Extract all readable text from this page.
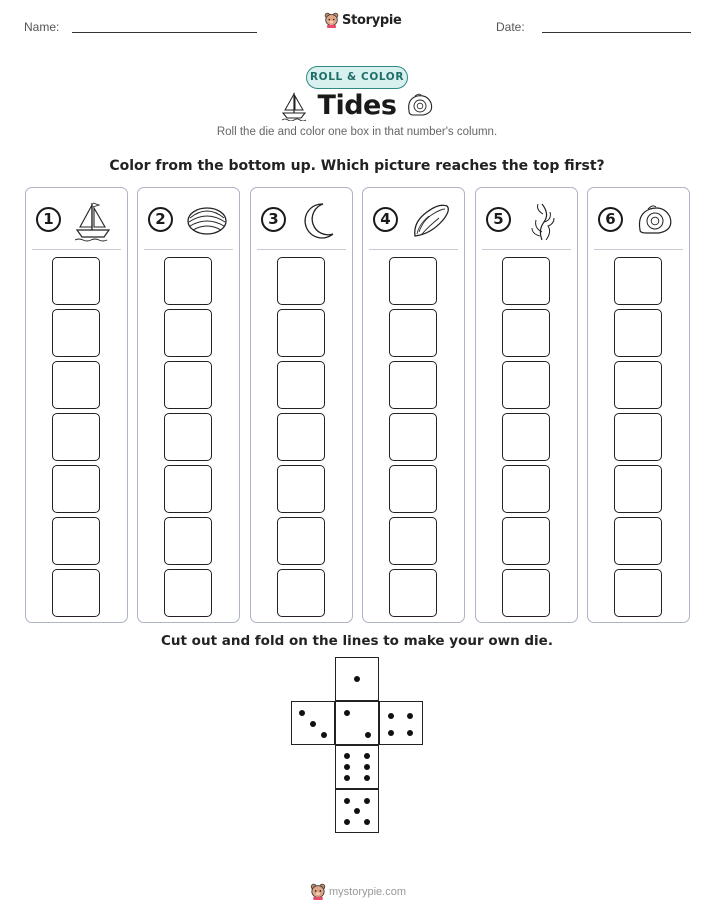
Name:	Storypie	Date:
ROLL & COLOR
Tides
Roll the die and color one box in that number's column.
Color from the bottom up. Which picture reaches the top first?
1	2	3	4	5	6
Cut out and fold on the lines to make your own die.
mystorypie.com
